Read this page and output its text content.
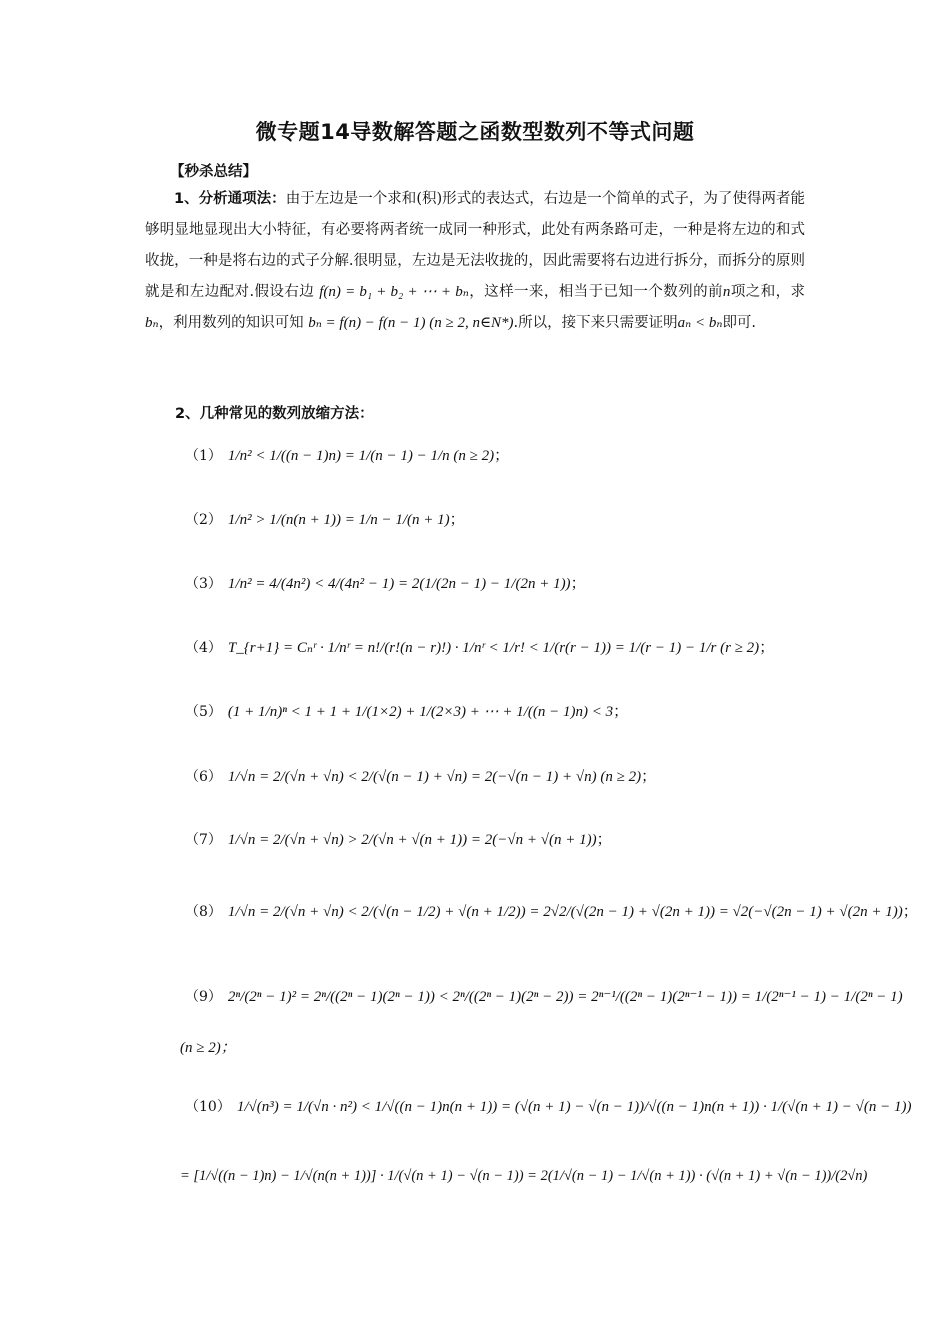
微专题14导数解答题之函数型数列不等式问题
【秒杀总结】

1、分析通项法：由于左边是一个求和(积)形式的表达式，右边是一个简单的式子，为了使得两者能够明显地显现出大小特征，有必要将两者统一成同一种形式，此处有两条路可走，一种是将左边的和式收拢，一种是将右边的式子分解.很明显，左边是无法收拢的，因此需要将右边进行拆分，而拆分的原则就是和左边配对.假设右边 f(n) = b₁ + b₂ + ⋯ + bₙ，这样一来，相当于已知一个数列的前n项之和，求bₙ，利用数列的知识可知 bₙ = f(n) − f(n − 1) (n ≥ 2, n∈N*).所以，接下来只需要证明aₙ < bₙ即可.

2、几种常见的数列放缩方法：
（1） 1/n² < 1/((n − 1)n) = 1/(n − 1) − 1/n (n ≥ 2)；
（2） 1/n² > 1/(n(n + 1)) = 1/n − 1/(n + 1)；
（3） 1/n² = 4/(4n²) < 4/(4n² − 1) = 2(1/(2n − 1) − 1/(2n + 1))；
（4） T_{r+1} = Cₙʳ · 1/nʳ = n!/(r!(n − r)!) · 1/nʳ < 1/r! < 1/(r(r − 1)) = 1/(r − 1) − 1/r (r ≥ 2)；
（5） (1 + 1/n)ⁿ < 1 + 1 + 1/(1×2) + 1/(2×3) + ⋯ + 1/((n − 1)n) < 3；
（6） 1/√n = 2/(√n + √n) < 2/(√(n − 1) + √n) = 2(−√(n − 1) + √n) (n ≥ 2)；
（7） 1/√n = 2/(√n + √n) > 2/(√n + √(n + 1)) = 2(−√n + √(n + 1))；
（8） 1/√n = 2/(√n + √n) < 2/(√(n − 1/2) + √(n + 1/2)) = 2√2/(√(2n − 1) + √(2n + 1)) = √2(−√(2n − 1) + √(2n + 1))；
（9） 2ⁿ/(2ⁿ − 1)² = 2ⁿ/((2ⁿ − 1)(2ⁿ − 1)) < 2ⁿ/((2ⁿ − 1)(2ⁿ − 2)) = 2ⁿ⁻¹/((2ⁿ − 1)(2ⁿ⁻¹ − 1)) = 1/(2ⁿ⁻¹ − 1) − 1/(2ⁿ − 1)
（10） 1/√(n³) = 1/(√n · n²) < 1/√((n − 1)n(n + 1)) = (√(n + 1) − √(n − 1))/√((n − 1)n(n + 1)) · 1/(√(n + 1) − √(n − 1))
(n ≥ 2)；
= [1/√((n − 1)n) − 1/√(n(n + 1))] · 1/(√(n + 1) − √(n − 1)) = 2(1/√(n − 1) − 1/√(n + 1)) · (√(n + 1) + √(n − 1))/(2√n)
